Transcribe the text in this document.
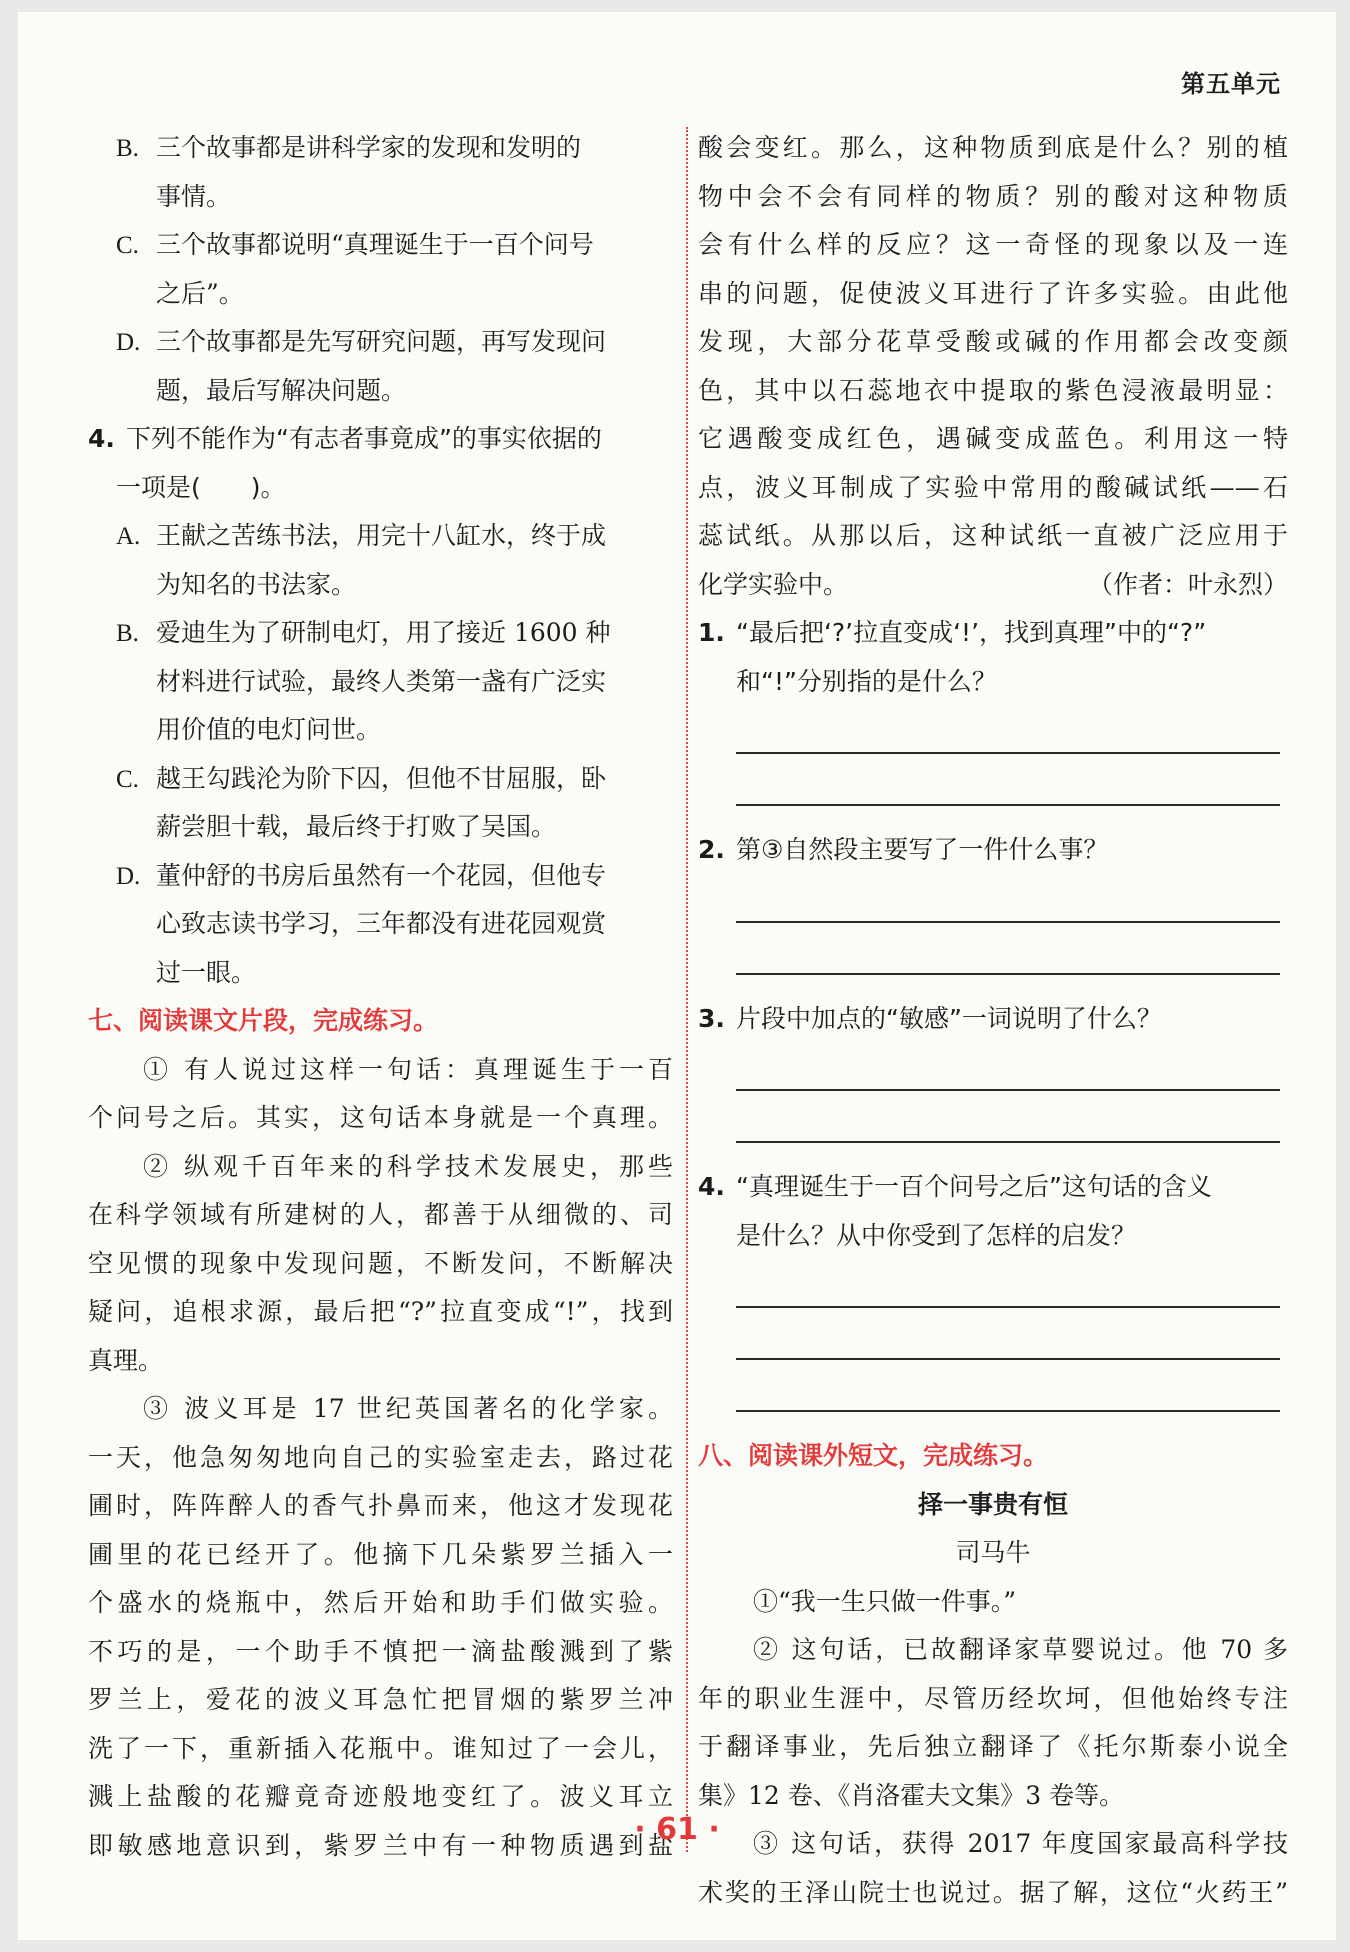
第五单元
B. 三个故事都是讲科学家的发现和发明的
事情。
C. 三个故事都说明“真理诞生于一百个问号
之后”。
D. 三个故事都是先写研究问题，再写发现问
题，最后写解决问题。
4. 下列不能作为“有志者事竟成”的事实依据的
一项是(　　)。
A. 王献之苦练书法，用完十八缸水，终于成
为知名的书法家。
B. 爱迪生为了研制电灯，用了接近 1600 种
材料进行试验，最终人类第一盏有广泛实
用价值的电灯问世。
C. 越王勾践沦为阶下囚，但他不甘屈服，卧
薪尝胆十载，最后终于打败了吴国。
D. 董仲舒的书房后虽然有一个花园，但他专
心致志读书学习，三年都没有进花园观赏
过一眼。
七、阅读课文片段，完成练习。
① 有人说过这样一句话：真理诞生于一百
个问号之后。其实，这句话本身就是一个真理。
② 纵观千百年来的科学技术发展史，那些
在科学领域有所建树的人，都善于从细微的、司
空见惯的现象中发现问题，不断发问，不断解决
疑问，追根求源，最后把“?”拉直变成“!”，找到
真理。
③ 波义耳是 17 世纪英国著名的化学家。
一天，他急匆匆地向自己的实验室走去，路过花
圃时，阵阵醉人的香气扑鼻而来，他这才发现花
圃里的花已经开了。他摘下几朵紫罗兰插入一
个盛水的烧瓶中，然后开始和助手们做实验。
不巧的是，一个助手不慎把一滴盐酸溅到了紫
罗兰上，爱花的波义耳急忙把冒烟的紫罗兰冲
洗了一下，重新插入花瓶中。谁知过了一会儿，
溅上盐酸的花瓣竟奇迹般地变红了。波义耳立
即敏感地意识到，紫罗兰中有一种物质遇到盐
酸会变红。那么，这种物质到底是什么？别的植
物中会不会有同样的物质？别的酸对这种物质
会有什么样的反应？这一奇怪的现象以及一连
串的问题，促使波义耳进行了许多实验。由此他
发现，大部分花草受酸或碱的作用都会改变颜
色，其中以石蕊地衣中提取的紫色浸液最明显：
它遇酸变成红色，遇碱变成蓝色。利用这一特
点，波义耳制成了实验中常用的酸碱试纸——石
蕊试纸。从那以后，这种试纸一直被广泛应用于
化学实验中。	（作者：叶永烈）
1. “最后把‘?’拉直变成‘!’，找到真理”中的“?”
和“!”分别指的是什么？
2. 第③自然段主要写了一件什么事？
3. 片段中加点的“敏感”一词说明了什么？
4. “真理诞生于一百个问号之后”这句话的含义
是什么？从中你受到了怎样的启发？
八、阅读课外短文，完成练习。
择一事贵有恒
司马牛
①“我一生只做一件事。”
② 这句话，已故翻译家草婴说过。他 70 多
年的职业生涯中，尽管历经坎坷，但他始终专注
于翻译事业，先后独立翻译了《托尔斯泰小说全
集》12 卷、《肖洛霍夫文集》3 卷等。
③ 这句话，获得 2017 年度国家最高科学技
术奖的王泽山院士也说过。据了解，这位“火药王”
· 61 ·
